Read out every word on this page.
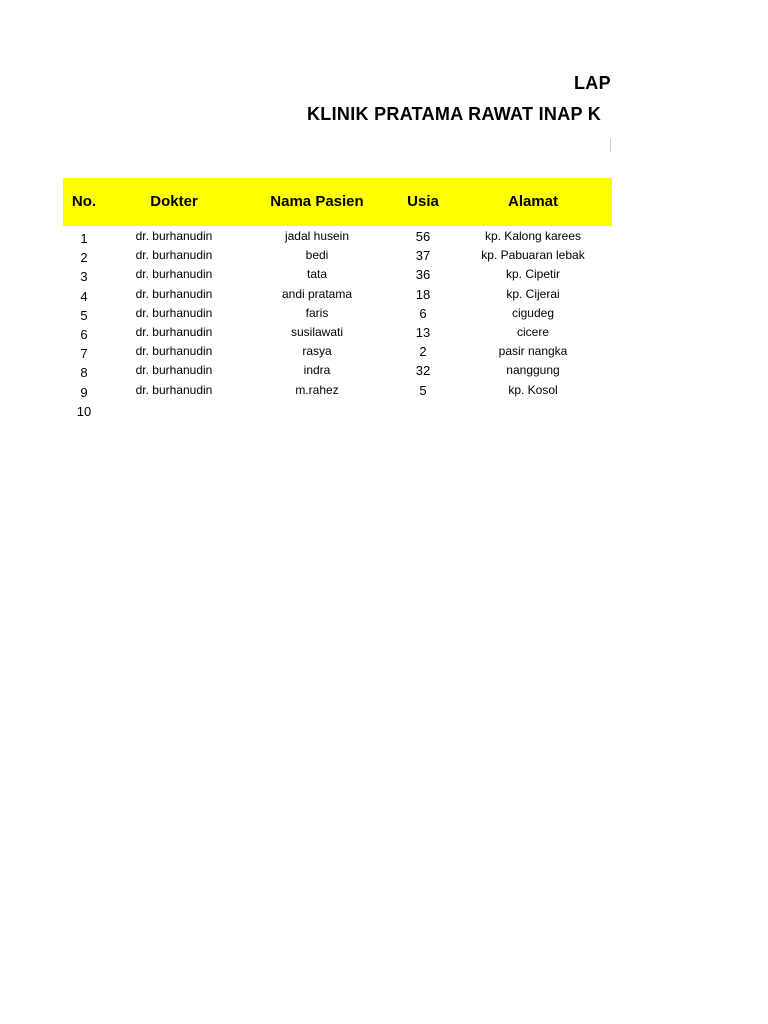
LAP
KLINIK PRATAMA RAWAT INAP K
No.	Dokter	Nama Pasien	Usia	Alamat
1	dr. burhanudin	jadal husein	56	kp. Kalong karees
2	dr. burhanudin	bedi	37	kp. Pabuaran lebak
3	dr. burhanudin	tata	36	kp. Cipetir
4	dr. burhanudin	andi pratama	18	kp. Cijerai
5	dr. burhanudin	faris	6	cigudeg
6	dr. burhanudin	susilawati	13	cicere
7	dr. burhanudin	rasya	2	pasir nangka
8	dr. burhanudin	indra	32	nanggung
9	dr. burhanudin	m.rahez	5	kp. Kosol
10
